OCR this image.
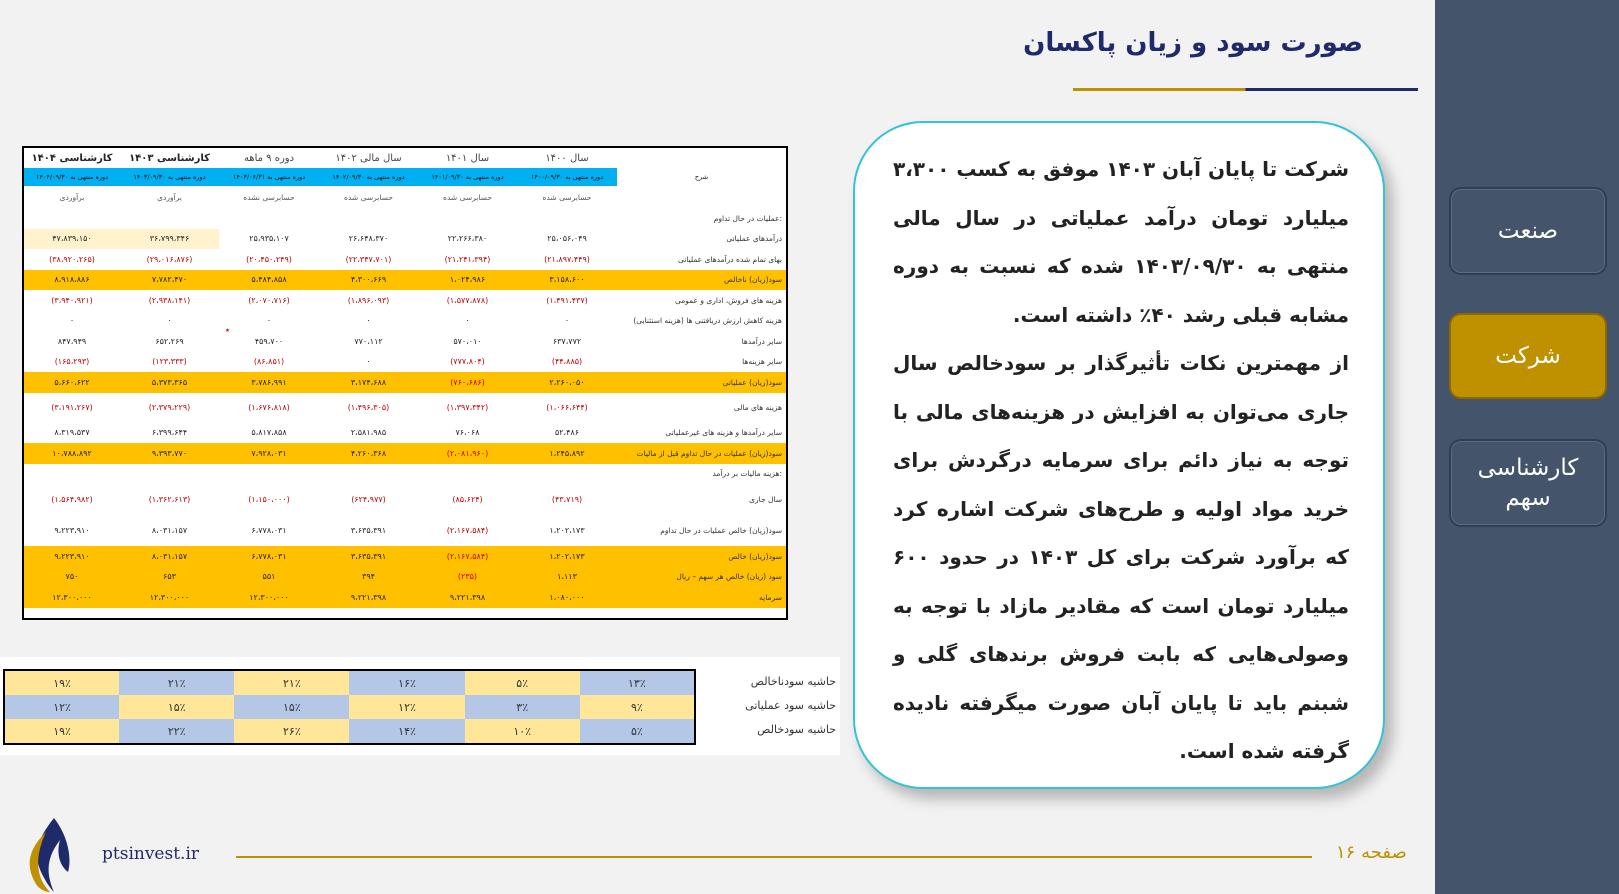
صنعت
شرکت
کارشناسی سهم
صورت سود و زیان پاکسان

شرکت تا پایان آبان ۱۴۰۳ موفق به کسب ۳،۳۰۰ میلیارد تومان درآمد عملیاتی در سال مالی منتهی به ۱۴۰۳/۰۹/۳۰ شده که نسبت به دوره مشابه قبلی رشد ۴۰٪ داشته است.

از مهمترین نکات تأثیرگذار بر سودخالص سال جاری می‌توان به افزایش در هزینه‌های مالی با توجه به نیاز دائم برای سرمایه درگردش برای خرید مواد اولیه و طرح‌های شرکت اشاره کرد که برآورد شرکت برای کل ۱۴۰۳ در حدود ۶۰۰ میلیارد تومان است که مقادیر مازاد با توجه به وصولی‌هایی که بابت فروش برندهای گلی و شبنم باید تا پایان آبان صورت میگرفته نادیده گرفته شده است.

کارشناسی ۱۴۰۴	کارشناسی ۱۴۰۳	دوره ۹ ماهه	سال مالی ۱۴۰۲	سال ۱۴۰۱	سال ۱۴۰۰	
دوره منتهی به ۱۴۰۴/۰۹/۳۰	دوره منتهی به ۱۴۰۳/۰۹/۳۰	دوره منتهی به ۱۴۰۳/۰۶/۳۱	دوره منتهی به ۱۴۰۲/۰۹/۳۰	دوره منتهی به ۱۴۰۱/۰۹/۳۰	دوره منتهی به ۱۴۰۰/۰۹/۳۰	شرح
برآوردی	برآوردی	حسابرسی نشده	حسابرسی شده	حسابرسی شده	حسابرسی شده	
						عملیات در حال تداوم:
۴۷،۸۳۹،۱۵۰	۳۶،۷۹۹،۳۴۶	۲۵،۹۳۵،۱۰۷	۲۶،۶۴۸،۳۷۰	۲۲،۲۶۶،۳۸۰	۲۵،۰۵۶،۰۴۹	درآمدهای عملیاتی
(۳۸،۹۲۰،۲۶۵)	(۲۹،۰۱۶،۸۷۶)	(۲۰،۴۵۰،۲۴۹)	(۲۲،۳۴۷،۷۰۱)	(۲۱،۲۴۱،۳۹۴)	(۲۱،۸۹۷،۴۴۹)	بهای تمام شده درآمدهای عملیاتی
۸،۹۱۸،۸۸۶	۷،۷۸۲،۴۷۰	۵،۴۸۴،۸۵۸	۴،۳۰۰،۶۶۹	۱،۰۲۴،۹۸۶	۳،۱۵۸،۶۰۰	سود(زیان) ناخالص
(۳،۹۴۰،۹۲۱)	(۲،۹۳۸،۱۴۱)	(۲،۰۷۰،۷۱۶)	(۱،۸۹۶،۰۹۳)	(۱،۵۷۷،۸۷۸)	(۱،۴۹۱،۴۳۷)	هزینه های فروش، اداری و عمومی
۰	۰	۰	۰	۰	۰	هزینه کاهش ارزش دریافتنی ها (هزینه استثنایی)
۸۴۷،۹۴۹	۶۵۲،۲۶۹	۴۵۹،۷۰۰	۷۷۰،۱۱۲	۵۷۰،۰۱۰	۶۳۷،۷۷۲	سایر درآمدها
(۱۶۵،۲۹۳)	(۱۲۳،۳۳۳)	(۸۶،۸۵۱)	۰	(۷۷۷،۸۰۴)	(۴۴،۸۸۵)	سایر هزینه‌ها
۵،۶۶۰،۶۲۲	۵،۳۷۳،۳۶۵	۳،۷۸۶،۹۹۱	۳،۱۷۴،۶۸۸	(۷۶۰،۶۸۶)	۲،۲۶۰،۰۵۰	سود(زیان) عملیاتی
(۳،۱۹۱،۲۶۷)	(۲،۳۷۹،۲۲۹)	(۱،۶۷۶،۸۱۸)	(۱،۴۹۶،۳۰۵)	(۱،۳۹۷،۳۴۲)	(۱،۰۶۶،۶۴۴)	هزینه های مالی
۸،۳۱۹،۵۳۷	۶،۳۹۹،۶۴۴	۵،۸۱۷،۸۵۸	۲،۵۸۱،۹۸۵	۷۶،۰۶۸	۵۲،۴۸۶	سایر درآمدها و هزینه های غیرعملیاتی
۱۰،۷۸۸،۸۹۲	۹،۳۹۳،۷۷۰	۷،۹۲۸،۰۳۱	۴،۲۶۰،۳۶۸	(۲،۰۸۱،۹۶۰)	۱،۲۴۵،۸۹۲	سود(زیان) عملیات در حال تداوم قبل از مالیات
						هزینه مالیات بر درآمد:
(۱،۵۶۴،۹۸۲)	(۱،۳۶۲،۶۱۳)	(۱،۱۵۰،۰۰۰)	(۶۲۴،۹۷۷)	(۸۵،۶۲۴)	(۴۳،۷۱۹)	سال جاری
۹،۲۲۳،۹۱۰	۸،۰۳۱،۱۵۷	۶،۷۷۸،۰۳۱	۳،۶۳۵،۳۹۱	(۲،۱۶۷،۵۸۴)	۱،۲۰۲،۱۷۳	سود(زیان) خالص عملیات در حال تداوم
۹،۲۲۳،۹۱۰	۸،۰۳۱،۱۵۷	۶،۷۷۸،۰۳۱	۳،۶۳۵،۳۹۱	(۲،۱۶۷،۵۸۴)	۱،۲۰۲،۱۷۳	سود(زیان) خالص
۷۵۰	۶۵۳	۵۵۱	۳۹۴	(۲۳۵)	۱،۱۱۳	سود (زیان) خالص هر سهم – ریال
۱۲،۳۰۰،۰۰۰	۱۲،۳۰۰،۰۰۰	۱۲،۳۰۰،۰۰۰	۹،۲۲۱،۳۹۸	۹،۲۲۱،۳۹۸	۱،۰۸۰،۰۰۰	سرمایه
٭
۱۹٪	۲۱٪	۲۱٪	۱۶٪	۵٪	۱۳٪
۱۲٪	۱۵٪	۱۵٪	۱۲٪	۳٪	۹٪
۱۹٪	۲۲٪	۲۶٪	۱۴٪	۱۰٪	۵٪
حاشیه سودناخالص
حاشیه سود عملیاتی
حاشیه سودخالص
ptsinvest.ir	صفحه ۱۶
